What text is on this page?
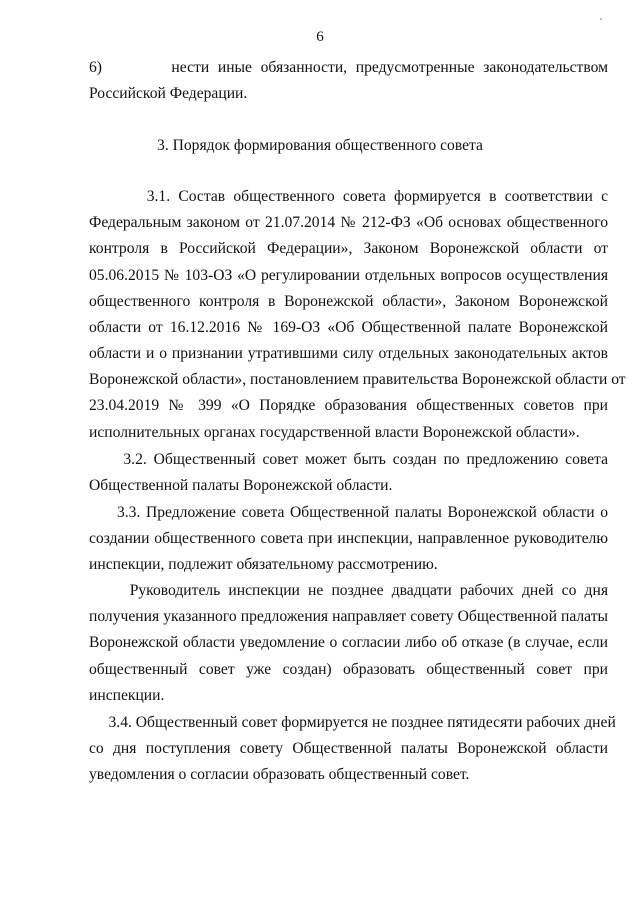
6
6)        нести иные обязанности, предусмотренные законодательством
Российской Федерации.
3. Порядок формирования общественного совета
3.1. Состав общественного совета формируется в соответствии с
Федеральным законом от 21.07.2014 № 212-ФЗ «Об основах общественного
контроля в Российской Федерации», Законом Воронежской области от
05.06.2015 № 103-ОЗ «О регулировании отдельных вопросов осуществления
общественного контроля в Воронежской области», Законом Воронежской
области от 16.12.2016 № 169-ОЗ «Об Общественной палате Воронежской
области и о признании утратившими силу отдельных законодательных актов
Воронежской области», постановлением правительства Воронежской области от
23.04.2019 № 399 «О Порядке образования общественных советов при
исполнительных органах государственной власти Воронежской области».
3.2. Общественный совет может быть создан по предложению совета
Общественной палаты Воронежской области.
3.3. Предложение совета Общественной палаты Воронежской области о
создании общественного совета при инспекции, направленное руководителю
инспекции, подлежит обязательному рассмотрению.
Руководитель инспекции не позднее двадцати рабочих дней со дня
получения указанного предложения направляет совету Общественной палаты
Воронежской области уведомление о согласии либо об отказе (в случае, если
общественный совет уже создан) образовать общественный совет при
инспекции.
3.4. Общественный совет формируется не позднее пятидесяти рабочих дней
со дня поступления совету Общественной палаты Воронежской области
уведомления о согласии образовать общественный совет.
